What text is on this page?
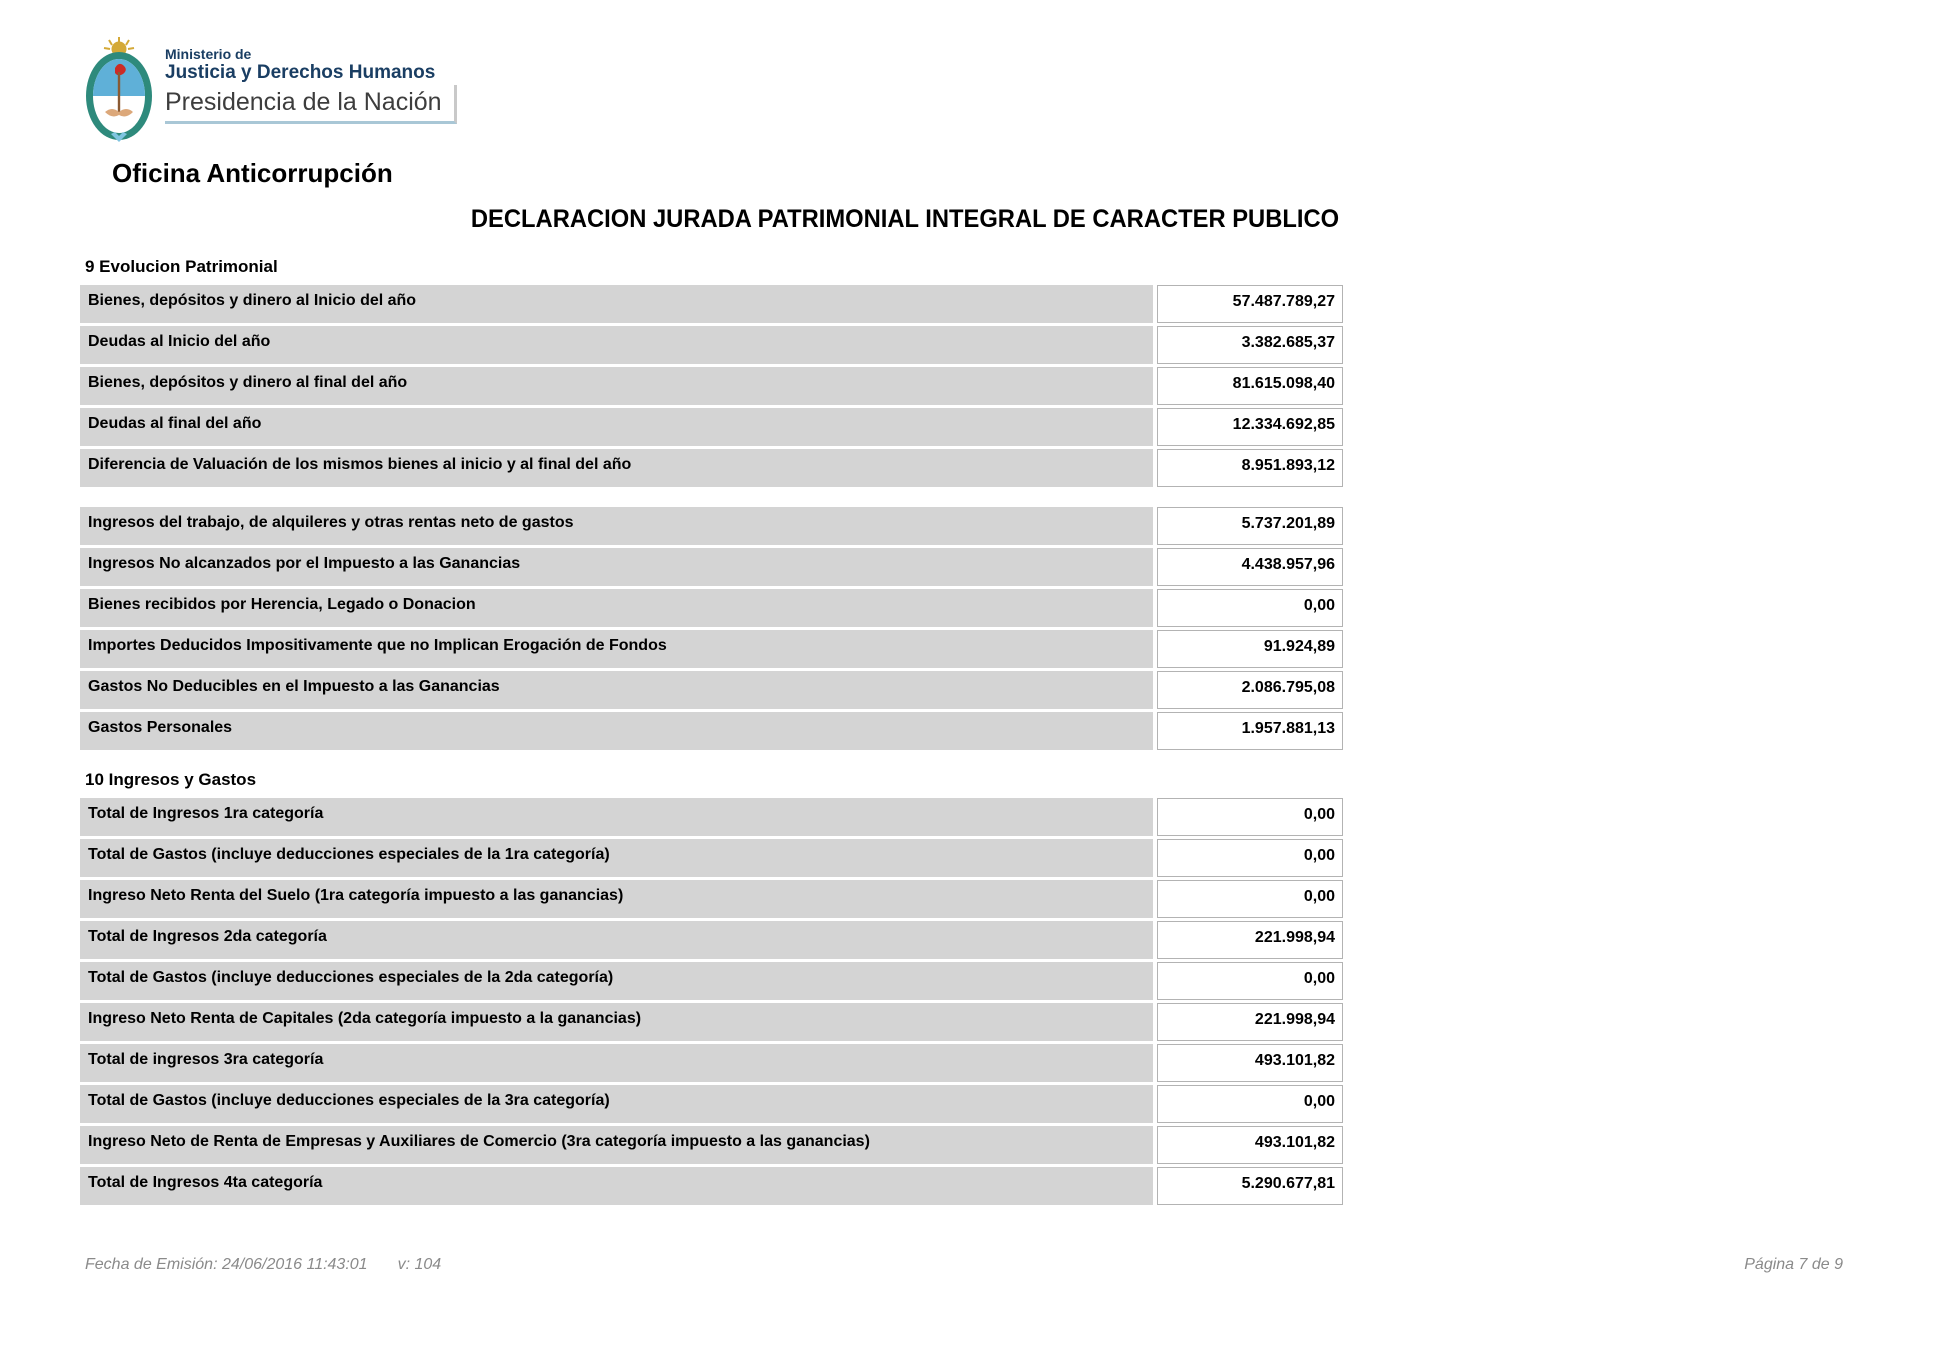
Ministerio de
Justicia y Derechos Humanos
Presidencia de la Nación
Oficina Anticorrupción
DECLARACION JURADA PATRIMONIAL INTEGRAL DE CARACTER PUBLICO
9 Evolucion Patrimonial
Bienes, depósitos y dinero al Inicio del año	57.487.789,27
Deudas al Inicio del año	3.382.685,37
Bienes, depósitos y dinero al final del año	81.615.098,40
Deudas al final del año	12.334.692,85
Diferencia de Valuación de los mismos bienes al inicio y al final del año	8.951.893,12
Ingresos del trabajo, de alquileres y otras rentas neto de gastos	5.737.201,89
Ingresos No alcanzados por el Impuesto a las Ganancias	4.438.957,96
Bienes recibidos por Herencia, Legado o Donacion	0,00
Importes Deducidos Impositivamente que no Implican Erogación de Fondos	91.924,89
Gastos No Deducibles en el Impuesto a las Ganancias	2.086.795,08
Gastos Personales	1.957.881,13
10 Ingresos y Gastos
Total de Ingresos 1ra categoría	0,00
Total de Gastos (incluye deducciones especiales de la 1ra categoría)	0,00
Ingreso Neto Renta del Suelo (1ra categoría impuesto a las ganancias)	0,00
Total de Ingresos 2da categoría	221.998,94
Total de Gastos (incluye deducciones especiales de la 2da categoría)	0,00
Ingreso Neto Renta de Capitales (2da categoría impuesto a la ganancias)	221.998,94
Total de ingresos 3ra categoría	493.101,82
Total de Gastos (incluye deducciones especiales de la 3ra categoría)	0,00
Ingreso Neto de Renta de Empresas y Auxiliares de Comercio (3ra categoría impuesto a las ganancias)	493.101,82
Total de Ingresos 4ta categoría	5.290.677,81
Fecha de Emisión: 24/06/2016 11:43:01 v: 104	Página 7 de 9
